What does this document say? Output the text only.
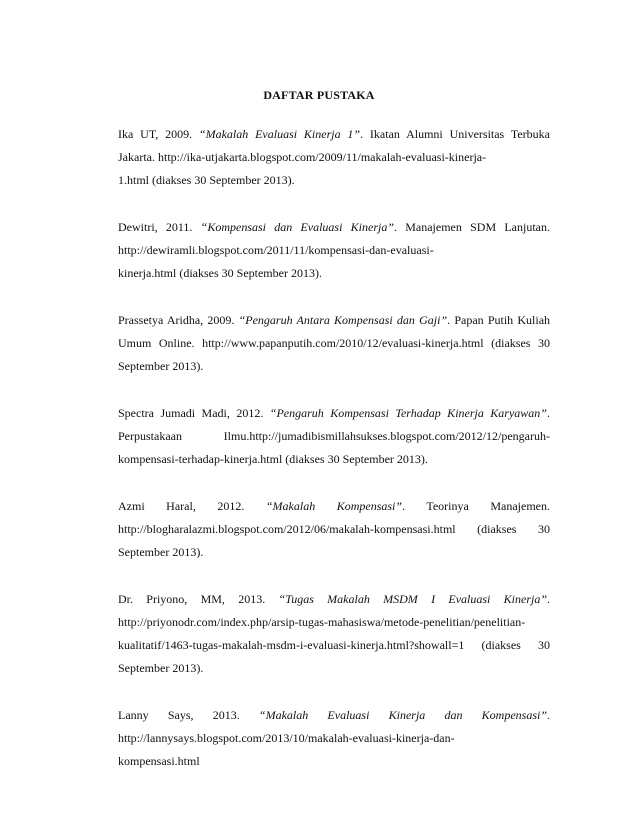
DAFTAR PUSTAKA
Ika UT, 2009. “Makalah Evaluasi Kinerja 1”. Ikatan Alumni Universitas Terbuka
Jakarta. http://ika-utjakarta.blogspot.com/2009/11/makalah-evaluasi-kinerja-
1.html (diakses 30 September 2013).
Dewitri, 2011. “Kompensasi dan Evaluasi Kinerja”. Manajemen SDM Lanjutan.
http://dewiramli.blogspot.com/2011/11/kompensasi-dan-evaluasi-
kinerja.html (diakses 30 September 2013).
Prassetya Aridha, 2009. “Pengaruh Antara Kompensasi dan Gaji”. Papan Putih Kuliah
Umum Online. http://www.papanputih.com/2010/12/evaluasi-kinerja.html (diakses 30
September 2013).
Spectra Jumadi Madi, 2012. “Pengaruh Kompensasi Terhadap Kinerja Karyawan”.
Perpustakaan Ilmu.http://jumadibismillahsukses.blogspot.com/2012/12/pengaruh-
kompensasi-terhadap-kinerja.html (diakses 30 September 2013).
Azmi Haral, 2012. “Makalah Kompensasi”. Teorinya Manajemen.
http://blogharalazmi.blogspot.com/2012/06/makalah-kompensasi.html (diakses 30
September 2013).
Dr. Priyono, MM, 2013. “Tugas Makalah MSDM I Evaluasi Kinerja”.
http://priyonodr.com/index.php/arsip-tugas-mahasiswa/metode-penelitian/penelitian-
kualitatif/1463-tugas-makalah-msdm-i-evaluasi-kinerja.html?showall=1 (diakses 30
September 2013).
Lanny Says, 2013. “Makalah Evaluasi Kinerja dan Kompensasi”.
http://lannysays.blogspot.com/2013/10/makalah-evaluasi-kinerja-dan-
kompensasi.html
